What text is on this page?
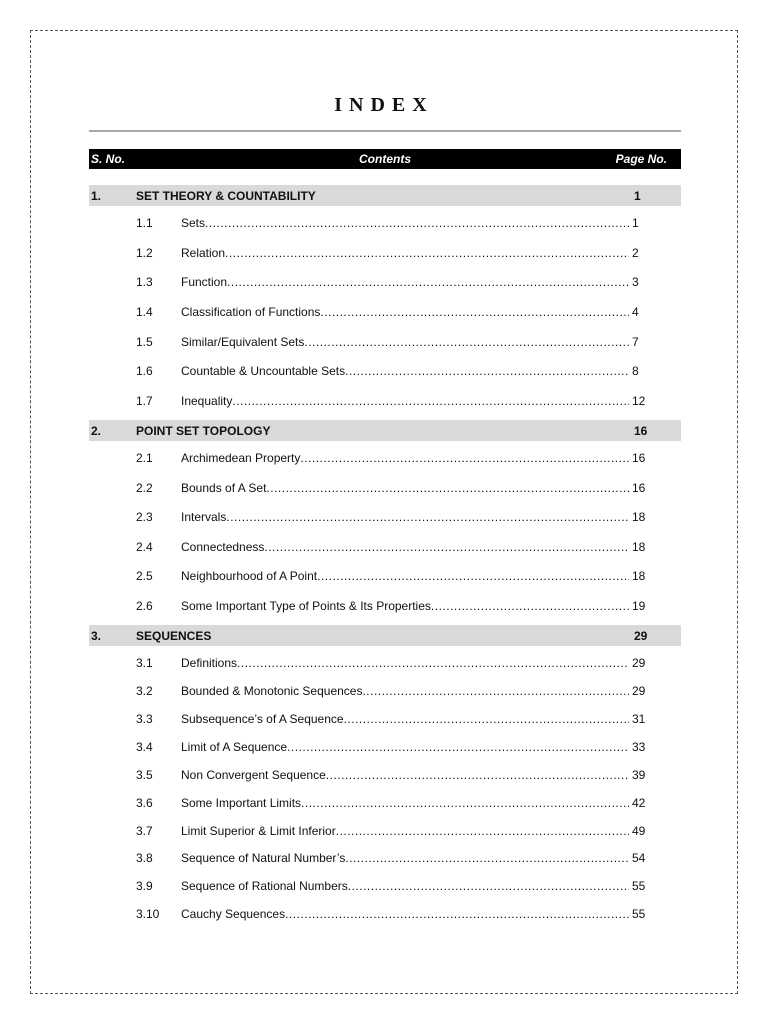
INDEX
S. No.	Contents	Page No.
1.	SET THEORY & COUNTABILITY	1
1.1 Sets .....	1
1.2 Relation .....	2
1.3 Function .....	3
1.4 Classification of Functions .....	4
1.5 Similar/Equivalent Sets .....	7
1.6 Countable & Uncountable Sets .....	8
1.7 Inequality .....	12
2.	POINT SET TOPOLOGY	16
2.1 Archimedean Property .....	16
2.2 Bounds of A Set .....	16
2.3 Intervals .....	18
2.4 Connectedness .....	18
2.5 Neighbourhood of A Point .....	18
2.6 Some Important Type of Points & Its Properties .....	19
3.	SEQUENCES	29
3.1 Definitions .....	29
3.2 Bounded & Monotonic Sequences .....	29
3.3 Subsequence’s of A Sequence .....	31
3.4 Limit of A Sequence .....	33
3.5 Non Convergent Sequence .....	39
3.6 Some Important Limits .....	42
3.7 Limit Superior & Limit Inferior .....	49
3.8 Sequence of Natural Number’s .....	54
3.9 Sequence of Rational Numbers .....	55
3.10 Cauchy Sequences .....	55
